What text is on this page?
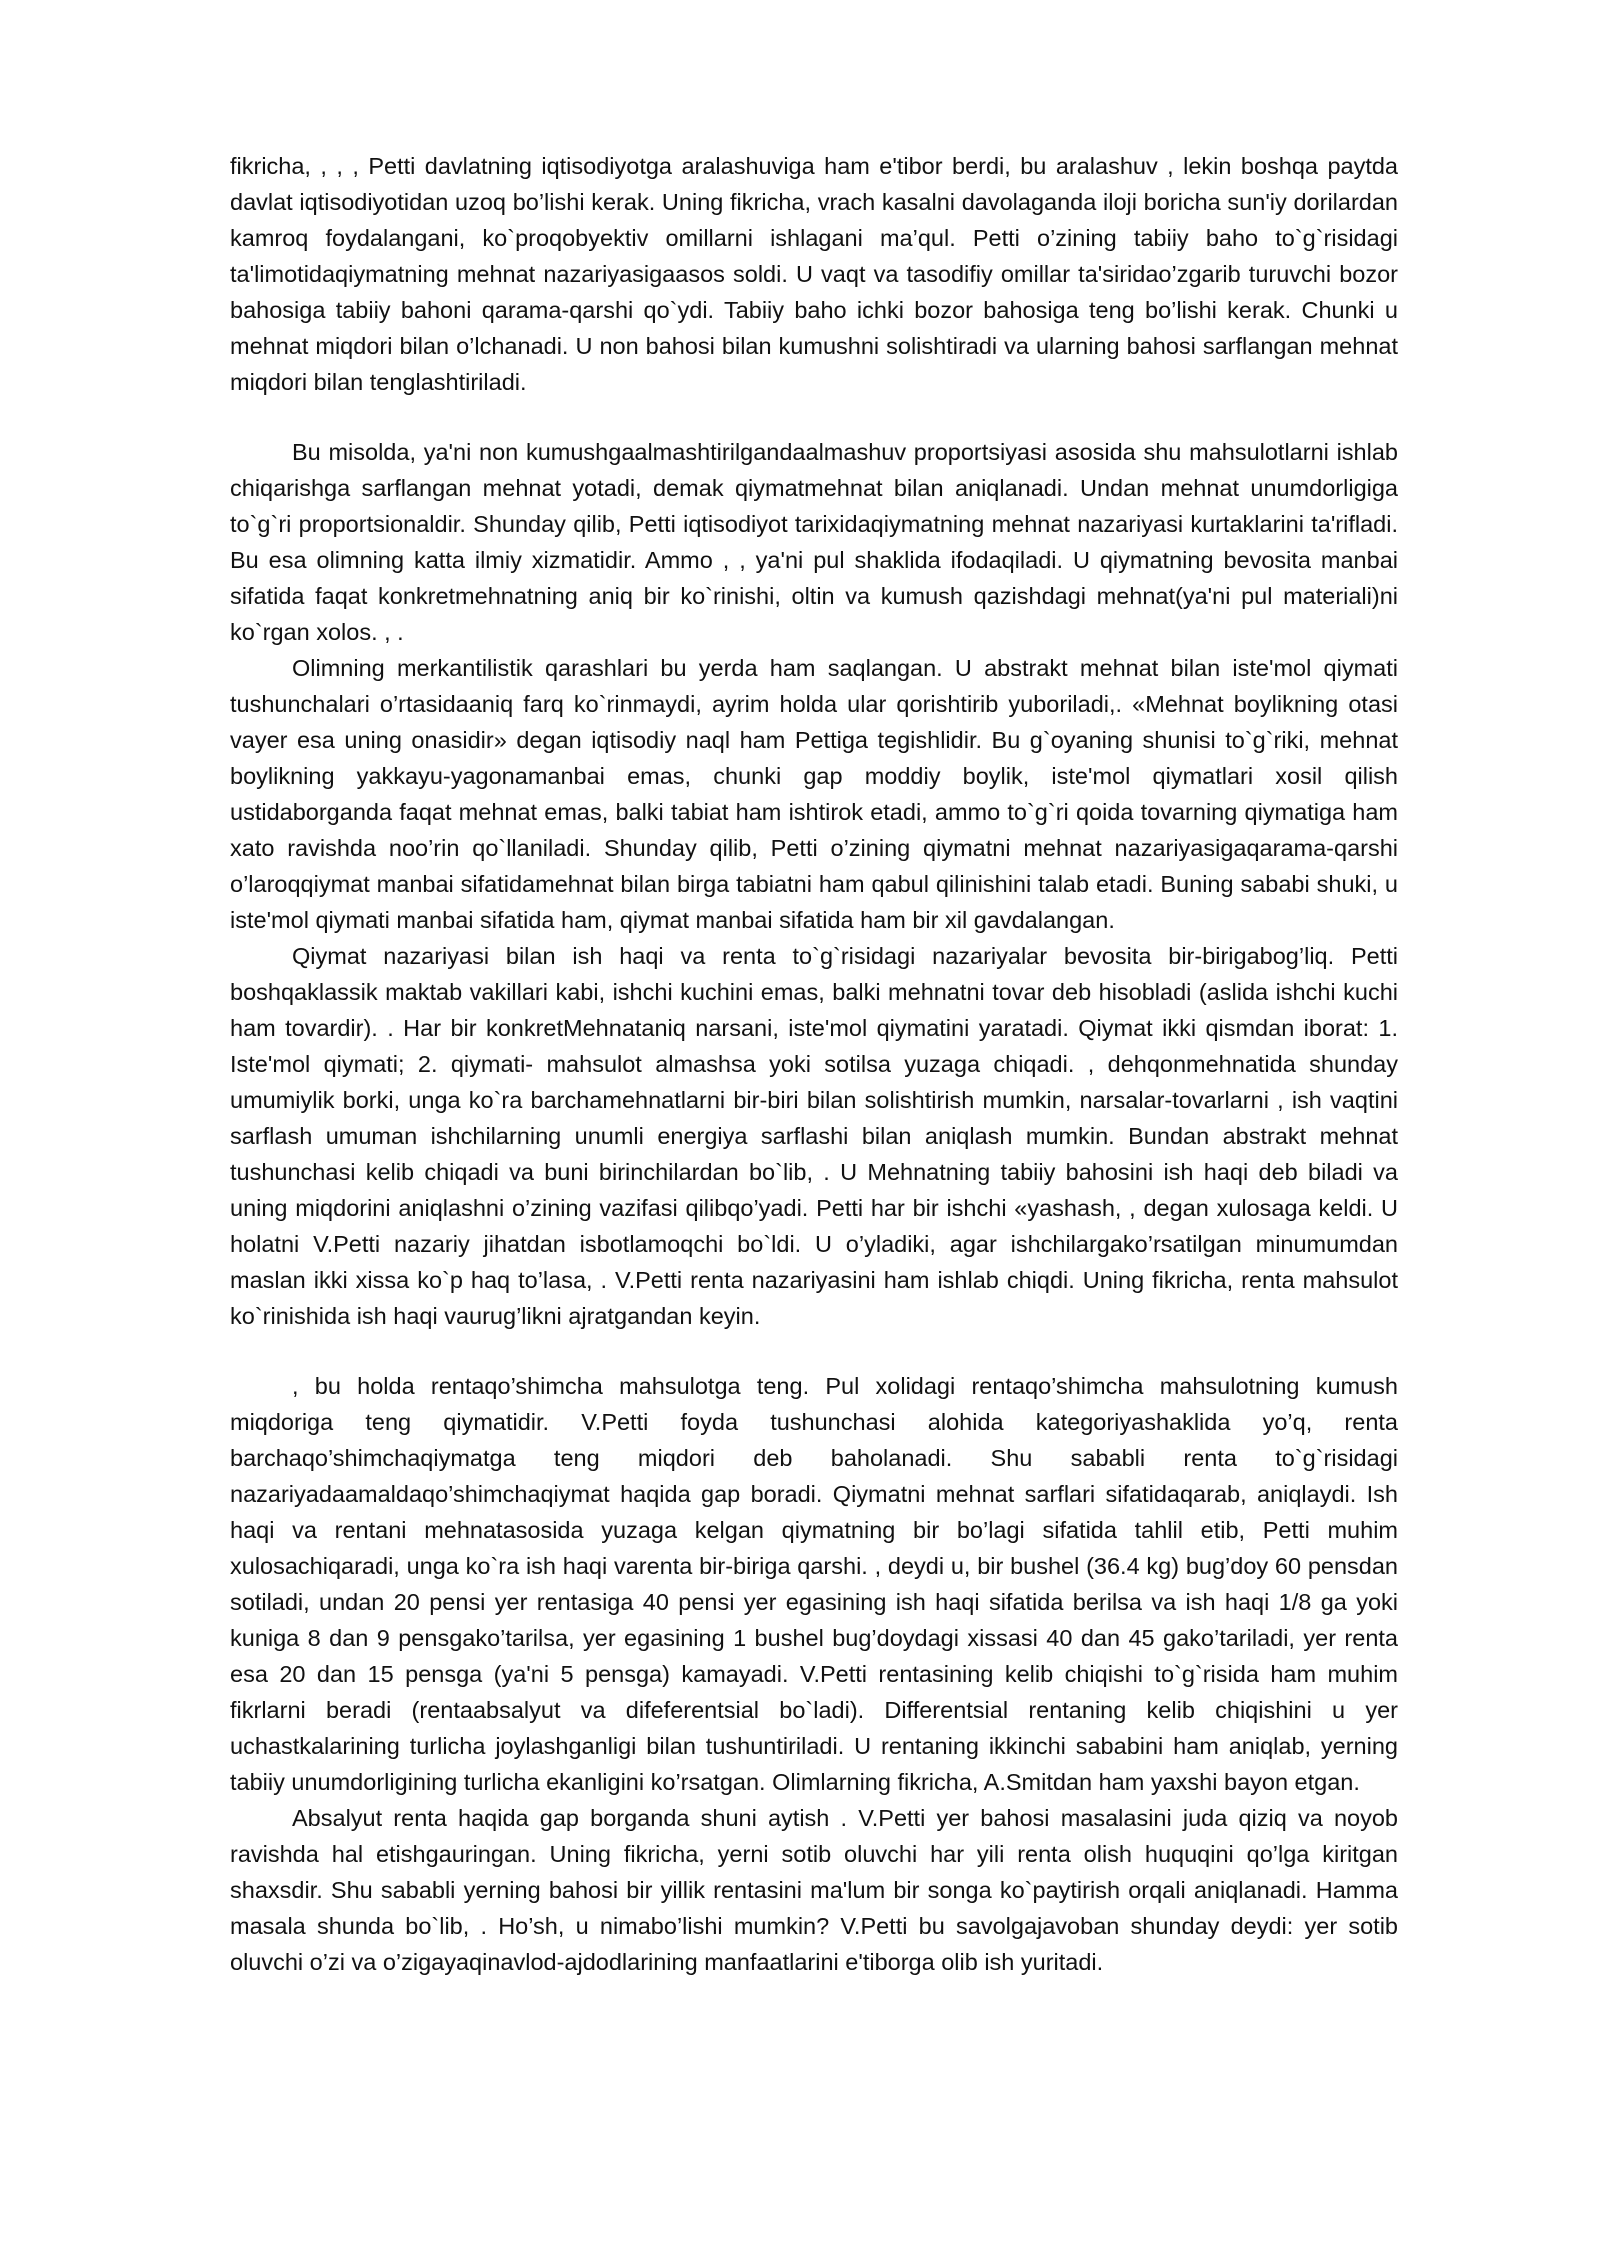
fikricha, , , , Petti davlatning iqtisodiyotga aralashuviga ham e'tibor berdi, bu aralashuv , lekin boshqa paytda davlat iqtisodiyotidan uzoq bo’lishi kerak. Uning fikricha, vrach kasalni davolaganda iloji boricha sun'iy dorilardan kamroq foydalangani, ko`proqobyektiv omillarni ishlagani ma’qul. Petti o’zining tabiiy baho to`g`risidagi ta'limotidaqiymatning mehnat nazariyasigaasos soldi. U vaqt va tasodifiy omillar ta'siridao’zgarib turuvchi bozor bahosiga tabiiy bahoni qarama-qarshi qo`ydi. Tabiiy baho ichki bozor bahosiga teng bo’lishi kerak. Chunki u mehnat miqdori bilan o’lchanadi. U non bahosi bilan kumushni solishtiradi va ularning bahosi sarflangan mehnat miqdori bilan tenglashtiriladi.

Bu misolda, ya'ni non kumushgaalmashtirilgandaalmashuv proportsiyasi asosida shu mahsulotlarni ishlab chiqarishga sarflangan mehnat yotadi, demak qiymatmehnat bilan aniqlanadi. Undan mehnat unumdorligiga to`g`ri proportsionaldir. Shunday qilib, Petti iqtisodiyot tarixidaqiymatning mehnat nazariyasi kurtaklarini ta'rifladi. Bu esa olimning katta ilmiy xizmatidir. Ammo , , ya'ni pul shaklida ifodaqiladi. U qiymatning bevosita manbai sifatida faqat konkretmehnatning aniq bir ko`rinishi, oltin va kumush qazishdagi mehnat(ya'ni pul materiali)ni ko`rgan xolos. , .

Olimning merkantilistik qarashlari bu yerda ham saqlangan. U abstrakt mehnat bilan iste'mol qiymati tushunchalari o’rtasidaaniq farq ko`rinmaydi, ayrim holda ular qorishtirib yuboriladi,. «Mehnat boylikning otasi vayer esa uning onasidir» degan iqtisodiy naql ham Pettiga tegishlidir. Bu g`oyaning shunisi to`g`riki, mehnat boylikning yakkayu-yagonamanbai emas, chunki gap moddiy boylik, iste'mol qiymatlari xosil qilish ustidaborganda faqat mehnat emas, balki tabiat ham ishtirok etadi, ammo to`g`ri qoida tovarning qiymatiga ham xato ravishda noo’rin qo`llaniladi. Shunday qilib, Petti o’zining qiymatni mehnat nazariyasigaqarama-qarshi o’laroqqiymat manbai sifatidamehnat bilan birga tabiatni ham qabul qilinishini talab etadi. Buning sababi shuki, u iste'mol qiymati manbai sifatida ham, qiymat manbai sifatida ham bir xil gavdalangan.

Qiymat nazariyasi bilan ish haqi va renta to`g`risidagi nazariyalar bevosita bir-birigabog’liq. Petti boshqaklassik maktab vakillari kabi, ishchi kuchini emas, balki mehnatni tovar deb hisobladi (aslida ishchi kuchi ham tovardir). . Har bir konkretMehnataniq narsani, iste'mol qiymatini yaratadi. Qiymat ikki qismdan iborat: 1. Iste'mol qiymati; 2. qiymati- mahsulot almashsa yoki sotilsa yuzaga chiqadi. , dehqonmehnatida shunday umumiylik borki, unga ko`ra barchamehnatlarni bir-biri bilan solishtirish mumkin, narsalar-tovarlarni , ish vaqtini sarflash umuman ishchilarning unumli energiya sarflashi bilan aniqlash mumkin. Bundan abstrakt mehnat tushunchasi kelib chiqadi va buni birinchilardan bo`lib, . U Mehnatning tabiiy bahosini ish haqi deb biladi va uning miqdorini aniqlashni o’zining vazifasi qilibqo’yadi. Petti har bir ishchi «yashash, , degan xulosaga keldi. U holatni V.Petti nazariy jihatdan isbotlamoqchi bo`ldi. U o’yladiki, agar ishchilargako’rsatilgan minumumdan maslan ikki xissa ko`p haq to’lasa, . V.Petti renta nazariyasini ham ishlab chiqdi. Uning fikricha, renta mahsulot ko`rinishida ish haqi vaurug’likni ajratgandan keyin.

, bu holda rentaqo’shimcha mahsulotga teng. Pul xolidagi rentaqo’shimcha mahsulotning kumush miqdoriga teng qiymatidir. V.Petti foyda tushunchasi alohida kategoriyashaklida yo’q, renta barchaqo’shimchaqiymatga teng miqdori deb baholanadi. Shu sababli renta to`g`risidagi nazariyadaamaldaqo’shimchaqiymat haqida gap boradi. Qiymatni mehnat sarflari sifatidaqarab, aniqlaydi. Ish haqi va rentani mehnatasosida yuzaga kelgan qiymatning bir bo’lagi sifatida tahlil etib, Petti muhim xulosachiqaradi, unga ko`ra ish haqi varenta bir-biriga qarshi. , deydi u, bir bushel (36.4 kg) bug’doy 60 pensdan sotiladi, undan 20 pensi yer rentasiga 40 pensi yer egasining ish haqi sifatida berilsa va ish haqi 1/8 ga yoki kuniga 8 dan 9 pensgako’tarilsa, yer egasining 1 bushel bug’doydagi xissasi 40 dan 45 gako’tariladi, yer renta esa 20 dan 15 pensga (ya'ni 5 pensga) kamayadi. V.Petti rentasining kelib chiqishi to`g`risida ham muhim fikrlarni beradi (rentaabsalyut va difeferentsial bo`ladi). Differentsial rentaning kelib chiqishini u yer uchastkalarining turlicha joylashganligi bilan tushuntiriladi. U rentaning ikkinchi sababini ham aniqlab, yerning tabiiy unumdorligining turlicha ekanligini ko’rsatgan. Olimlarning fikricha, A.Smitdan ham yaxshi bayon etgan.

Absalyut renta haqida gap borganda shuni aytish . V.Petti yer bahosi masalasini juda qiziq va noyob ravishda hal etishgauringan. Uning fikricha, yerni sotib oluvchi har yili renta olish huquqini qo’lga kiritgan shaxsdir. Shu sababli yerning bahosi bir yillik rentasini ma'lum bir songa ko`paytirish orqali aniqlanadi. Hamma masala shunda bo`lib, . Ho’sh, u nimabo’lishi mumkin? V.Petti bu savolgajavoban shunday deydi: yer sotib oluvchi o’zi va o’zigayaqinavlod-ajdodlarining manfaatlarini e'tiborga olib ish yuritadi.
